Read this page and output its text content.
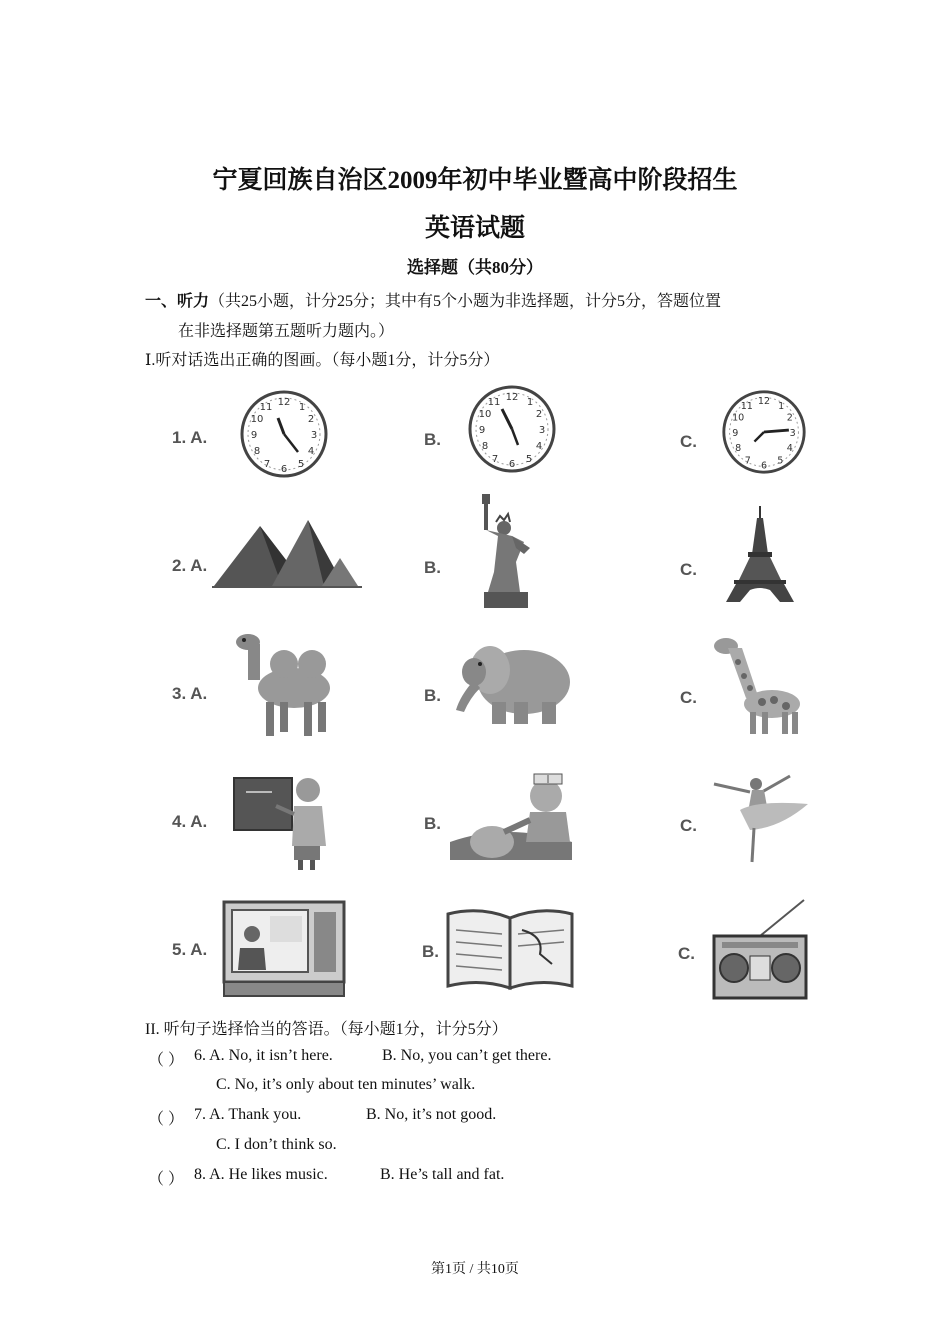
宁夏回族自治区2009年初中毕业暨高中阶段招生
英语试题
选择题（共80分）
一、听力（共25小题，计分25分；其中有5个小题为非选择题，计分5分，答题位置
在非选择题第五题听力题内。）
Ⅰ.听对话选出正确的图画。（每小题1分，计分5分）
1. A.	B.	C.
12
3
6
9
1
2
4
5
7
8
10
11
12
3
6
9
1
2
4
5
7
8
10
11	12
3
6
9
1
2
4
5
7
8
10
11
2. A.	B.	C.
3. A.	B.	C.
4. A.	B.	C.
5. A.	B.	C.
II. 听句子选择恰当的答语。（每小题1分，计分5分）
（ ） 6. A. No, it isn’t here.	B. No, you can’t get there.
C. No, it’s only about ten minutes’ walk.
（ ） 7. A. Thank you.	B. No, it’s not good.
C. I don’t think so.
（ ） 8. A. He likes music.	B. He’s tall and fat.
第1页 / 共10页
